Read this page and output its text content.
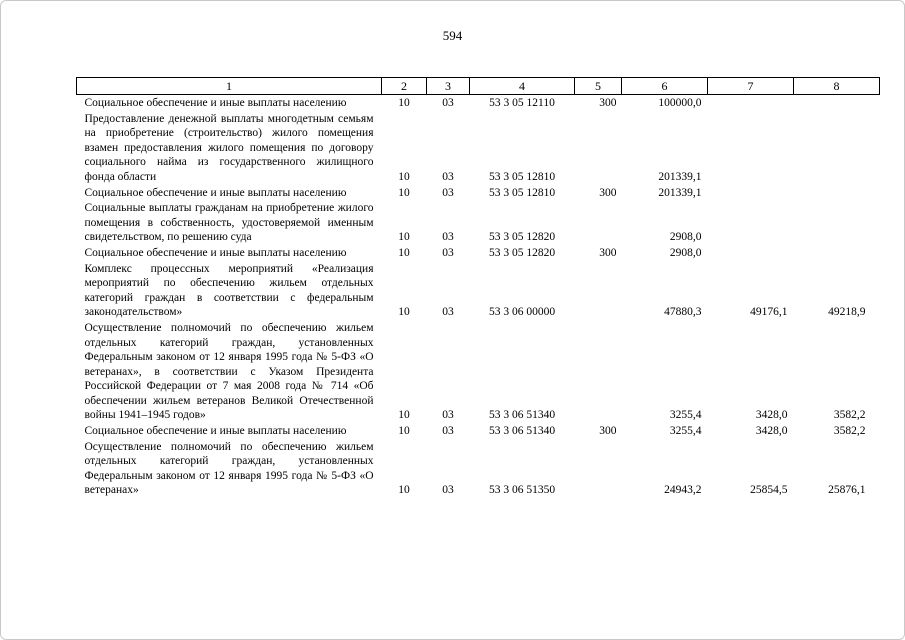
594
1	2	3	4	5	6	7	8
Социальное обеспечение и иные выплаты населению	10	03	53 3 05 12110	300	100000,0		
Предоставление денежной выплаты многодетным семьям на приобретение (строительство) жилого помещения взамен предоставления жилого помещения по договору социального найма из государственного жилищного фонда области	10	03	53 3 05 12810		201339,1		
Социальное обеспечение и иные выплаты населению	10	03	53 3 05 12810	300	201339,1		
Социальные выплаты гражданам на приобретение жилого помещения в собственность, удостоверяемой именным свидетельством, по решению суда	10	03	53 3 05 12820		2908,0		
Социальное обеспечение и иные выплаты населению	10	03	53 3 05 12820	300	2908,0		
Комплекс процессных мероприятий «Реализация мероприятий по обеспечению жильем отдельных категорий граждан в соответствии с федеральным законодательством»	10	03	53 3 06 00000		47880,3	49176,1	49218,9
Осуществление полномочий по обеспечению жильем отдельных категорий граждан, установленных Федеральным законом от 12 января 1995 года № 5-ФЗ «О ветеранах», в соответствии с Указом Президента Российской Федерации от 7 мая 2008 года № 714 «Об обеспечении жильем ветеранов Великой Отечественной войны 1941–1945 годов»	10	03	53 3 06 51340		3255,4	3428,0	3582,2
Социальное обеспечение и иные выплаты населению	10	03	53 3 06 51340	300	3255,4	3428,0	3582,2
Осуществление полномочий по обеспечению жильем отдельных категорий граждан, установленных Федеральным законом от 12 января 1995 года № 5-ФЗ «О ветеранах»	10	03	53 3 06 51350		24943,2	25854,5	25876,1
